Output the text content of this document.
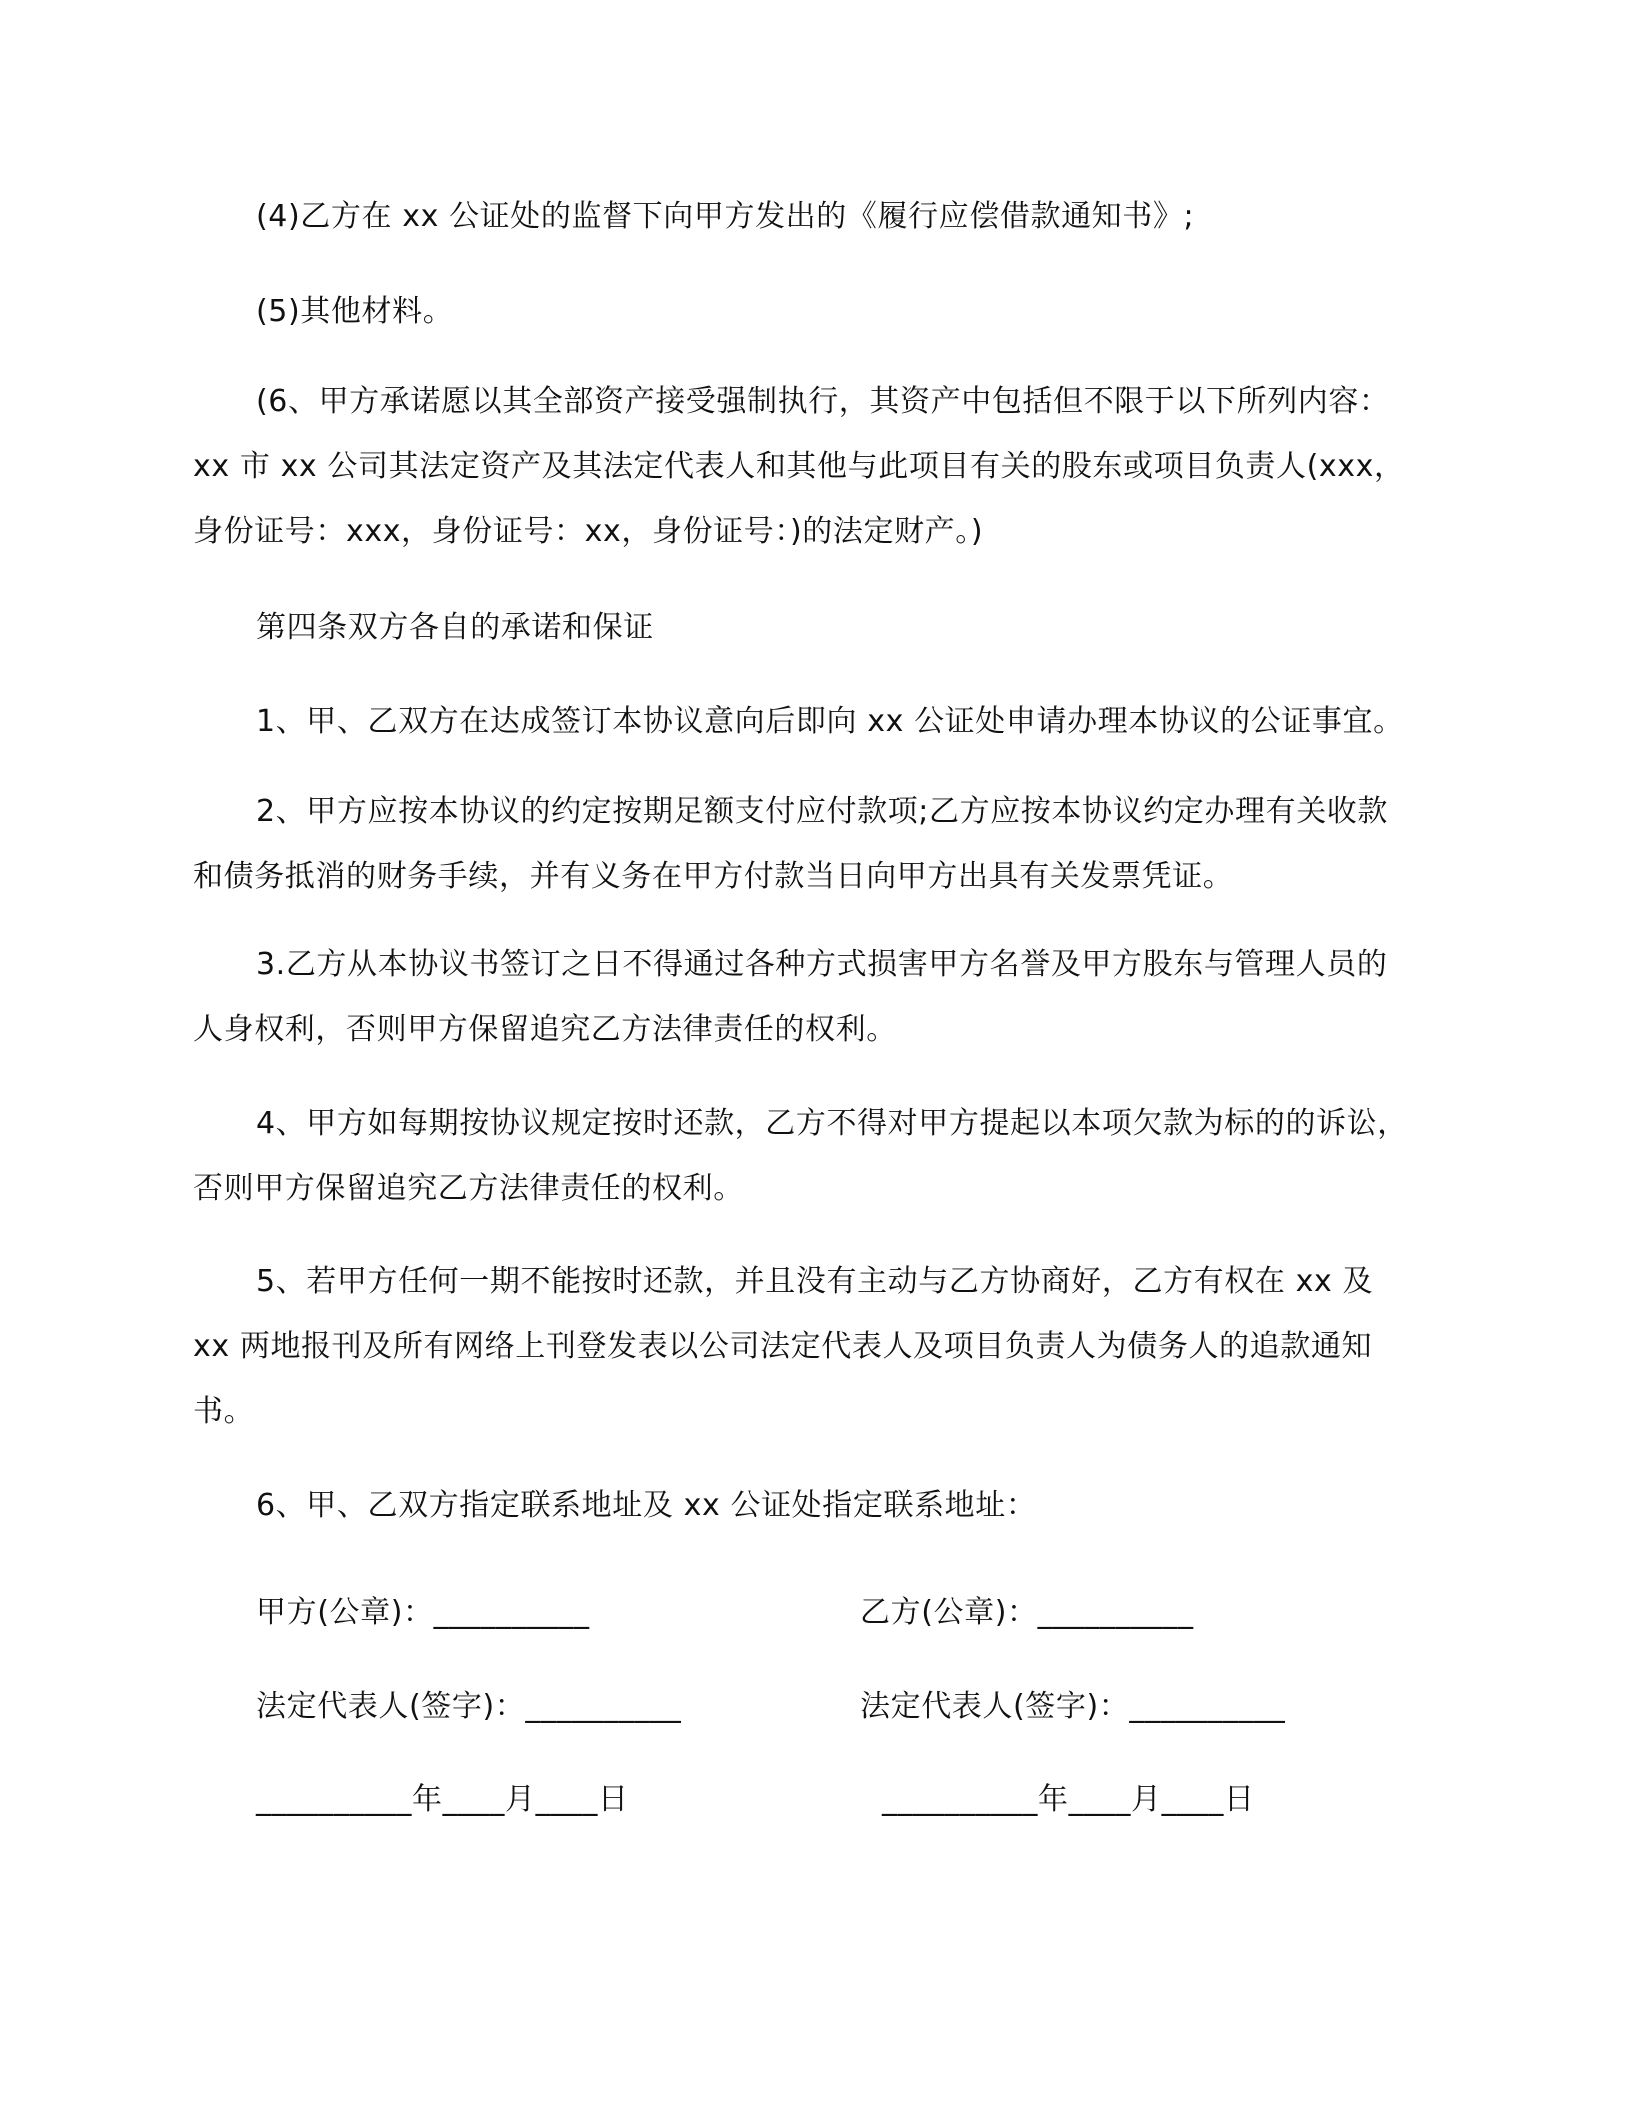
(4)乙方在 xx 公证处的监督下向甲方发出的《履行应偿借款通知书》;
(5)其他材料。
(6、甲方承诺愿以其全部资产接受强制执行，其资产中包括但不限于以下所列内容：
xx 市 xx 公司其法定资产及其法定代表人和其他与此项目有关的股东或项目负责人(xxx，
身份证号：xxx，身份证号：xx，身份证号：)的法定财产。)
第四条双方各自的承诺和保证
1、甲、乙双方在达成签订本协议意向后即向 xx 公证处申请办理本协议的公证事宜。
2、甲方应按本协议的约定按期足额支付应付款项;乙方应按本协议约定办理有关收款
和债务抵消的财务手续，并有义务在甲方付款当日向甲方出具有关发票凭证。
3.乙方从本协议书签订之日不得通过各种方式损害甲方名誉及甲方股东与管理人员的
人身权利，否则甲方保留追究乙方法律责任的权利。
4、甲方如每期按协议规定按时还款，乙方不得对甲方提起以本项欠款为标的的诉讼，
否则甲方保留追究乙方法律责任的权利。
5、若甲方任何一期不能按时还款，并且没有主动与乙方协商好，乙方有权在 xx 及
xx 两地报刊及所有网络上刊登发表以公司法定代表人及项目负责人为债务人的追款通知
书。
6、甲、乙双方指定联系地址及 xx 公证处指定联系地址：
甲方(公章)：__________
法定代表人(签字)：__________
__________年____月____日
乙方(公章)：__________
法定代表人(签字)：__________
__________年____月____日
